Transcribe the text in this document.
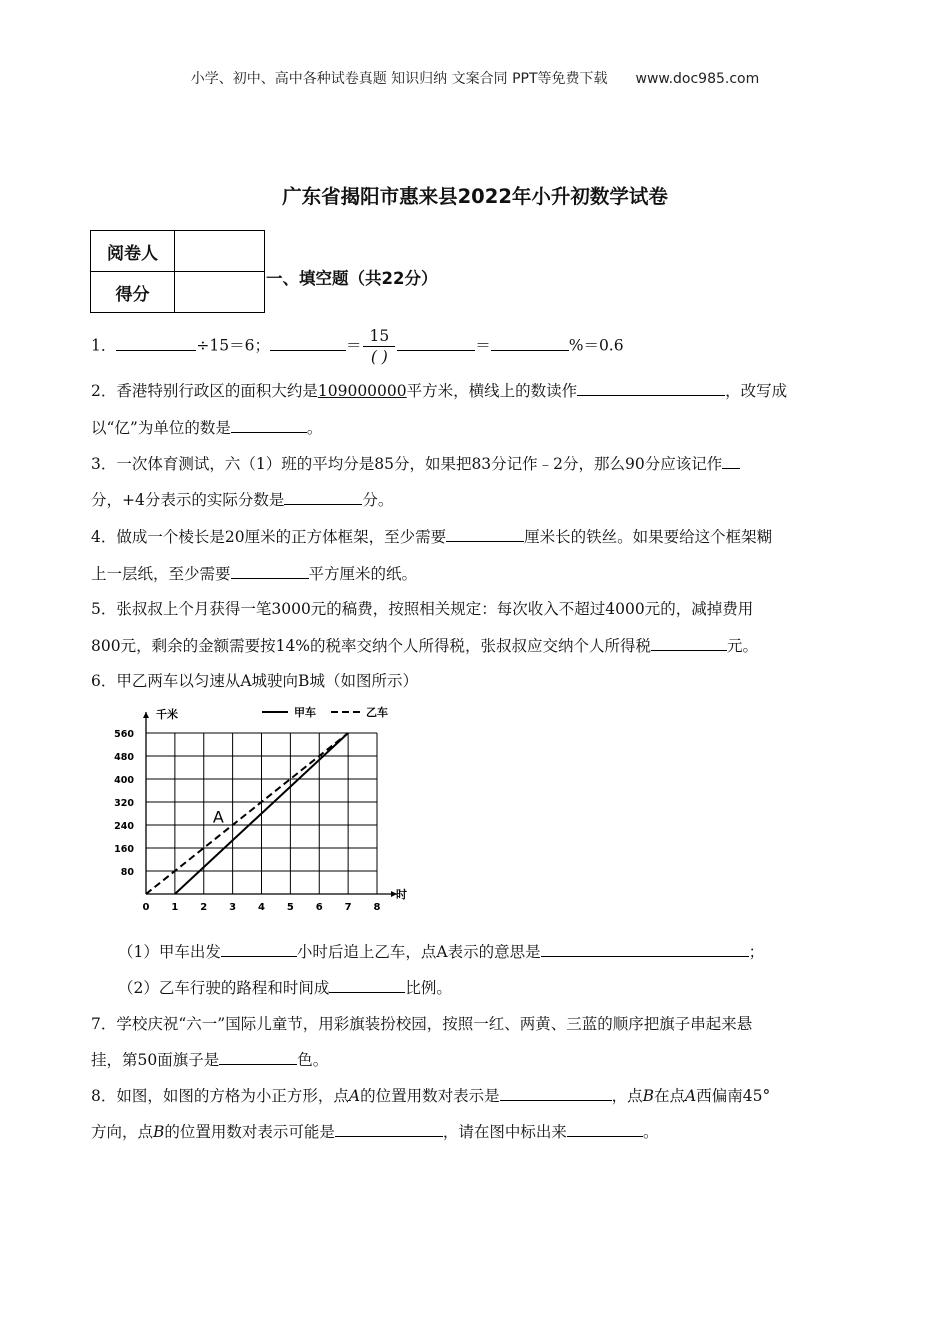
小学、初中、高中各种试卷真题 知识归纳 文案合同 PPT等免费下载 www.doc985.com
广东省揭阳市惠来县2022年小升初数学试卷
阅卷人	
得分	
一、填空题（共22分）
1．	÷15＝6；	＝ $\frac{15}{( )}$	＝	%＝0.6
2．香港特别行政区的面积大约是109000000平方米，横线上的数读作	，改写成
以“亿”为单位的数是	。
3．一次体育测试，六（1）班的平均分是85分，如果把83分记作﹣2分，那么90分应该记作
分，+4分表示的实际分数是	分。
4．做成一个棱长是20厘米的正方体框架，至少需要	厘米长的铁丝。如果要给这个框架糊
上一层纸，至少需要	平方厘米的纸。
5．张叔叔上个月获得一笔3000元的稿费，按照相关规定：每次收入不超过4000元的，减掉费用
800元，剩余的金额需要按14%的税率交纳个人所得税，张叔叔应交纳个人所得税	元。
6．甲乙两车以匀速从A城驶向B城（如图所示）
0 1 2 3 4 5 6 7 8
80
160
240
320
400
480
560
A
甲车	乙车
千米
时
（1）甲车出发	小时后追上乙车，点A表示的意思是	；
（2）乙车行驶的路程和时间成	比例。
7．学校庆祝“六一”国际儿童节，用彩旗装扮校园，按照一红、两黄、三蓝的顺序把旗子串起来悬
挂，第50面旗子是	色。
8．如图，如图的方格为小正方形，点A的位置用数对表示是	，点B在点A西偏南45°
方向，点B的位置用数对表示可能是	，请在图中标出来	。
